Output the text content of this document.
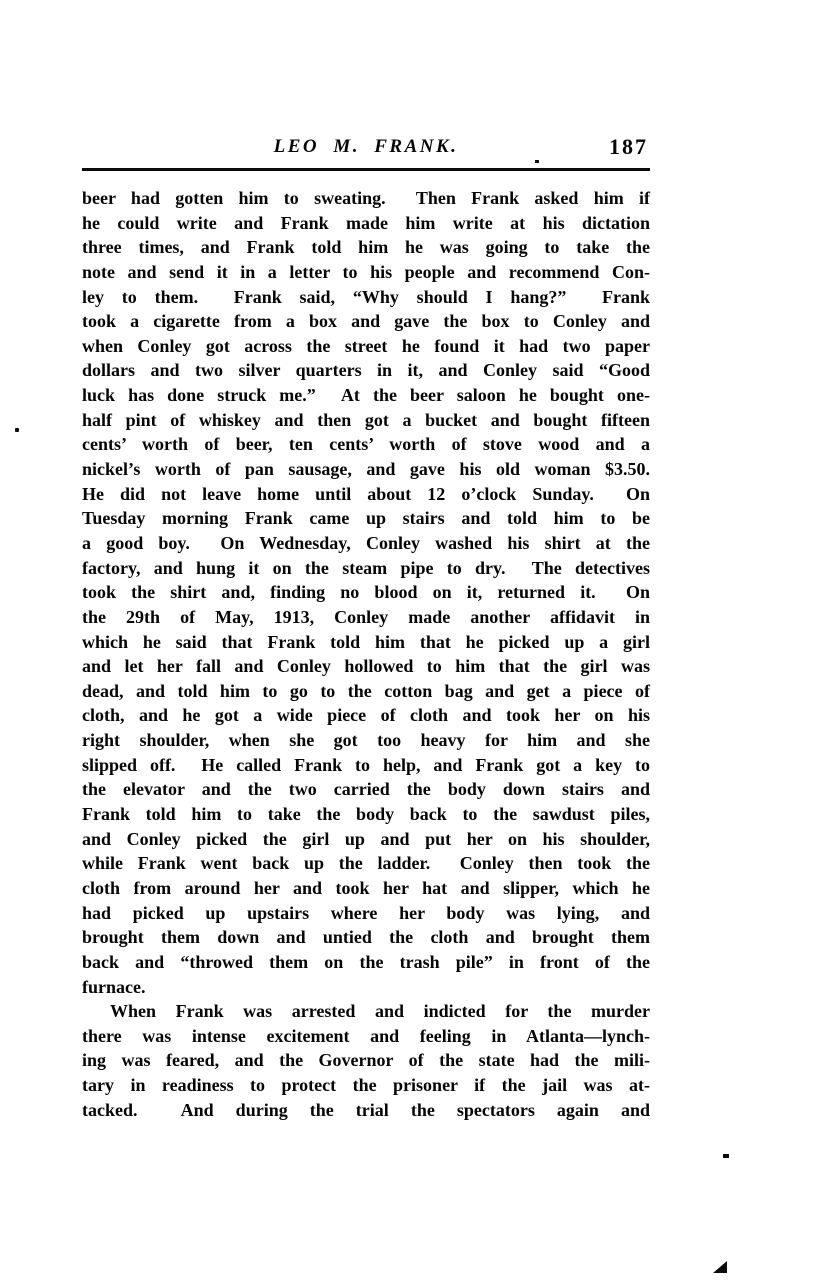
LEO M. FRANK.	187
beer had gotten him to sweating.  Then Frank asked him if
he could write and Frank made him write at his dictation
three times, and Frank told him he was going to take the
note and send it in a letter to his people and recommend Con-
ley to them.  Frank said, “Why should I hang?”  Frank
took a cigarette from a box and gave the box to Conley and
when Conley got across the street he found it had two paper
dollars and two silver quarters in it, and Conley said “Good
luck has done struck me.”  At the beer saloon he bought one-
half pint of whiskey and then got a bucket and bought fifteen
cents’ worth of beer, ten cents’ worth of stove wood and a
nickel’s worth of pan sausage, and gave his old woman $3.50.
He did not leave home until about 12 o’clock Sunday.  On
Tuesday morning Frank came up stairs and told him to be
a good boy.  On Wednesday, Conley washed his shirt at the
factory, and hung it on the steam pipe to dry.  The detectives
took the shirt and, finding no blood on it, returned it.  On
the 29th of May, 1913, Conley made another affidavit in
which he said that Frank told him that he picked up a girl
and let her fall and Conley hollowed to him that the girl was
dead, and told him to go to the cotton bag and get a piece of
cloth, and he got a wide piece of cloth and took her on his
right shoulder, when she got too heavy for him and she
slipped off.  He called Frank to help, and Frank got a key to
the elevator and the two carried the body down stairs and
Frank told him to take the body back to the sawdust piles,
and Conley picked the girl up and put her on his shoulder,
while Frank went back up the ladder.  Conley then took the
cloth from around her and took her hat and slipper, which he
had picked up upstairs where her body was lying, and
brought them down and untied the cloth and brought them
back and “throwed them on the trash pile” in front of the
furnace.
When Frank was arrested and indicted for the murder
there was intense excitement and feeling in Atlanta—lynch-
ing was feared, and the Governor of the state had the mili-
tary in readiness to protect the prisoner if the jail was at-
tacked.  And during the trial the spectators again and
